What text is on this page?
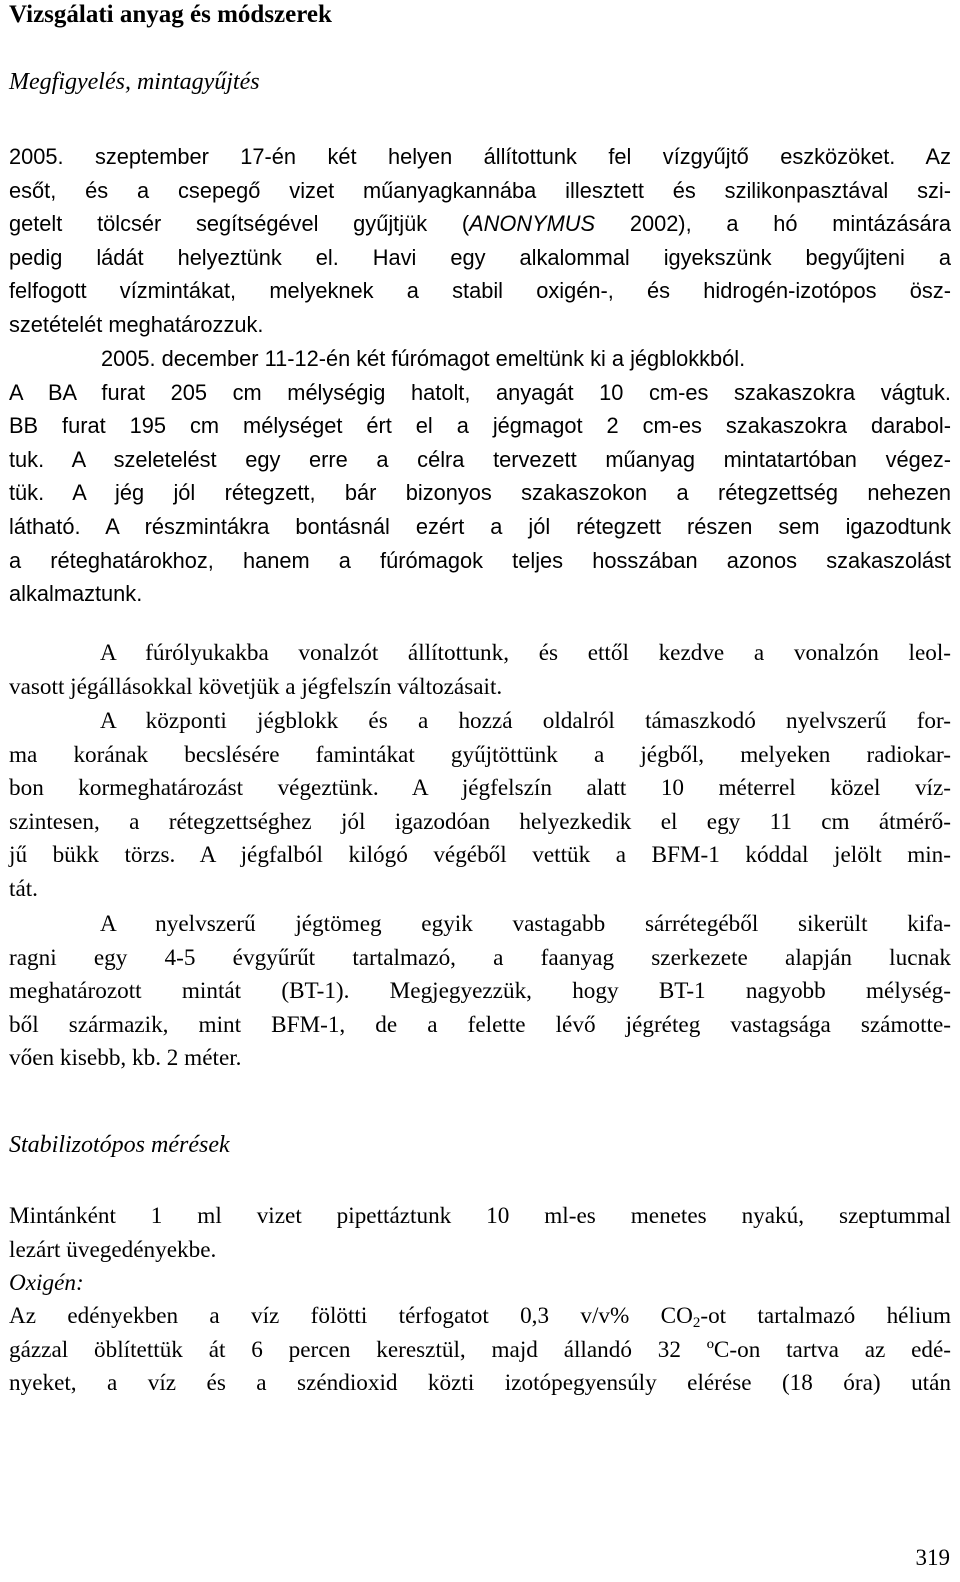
Vizsgálati anyag és módszerek
Megfigyelés, mintagyűjtés
2005. szeptember 17-én két helyen állítottunk fel vízgyűjtő eszközöket. Az
esőt, és a csepegő vizet műanyagkannába illesztett és szilikonpasztával szi-
getelt tölcsér segítségével gyűjtjük (ANONYMUS 2002), a hó mintázására
pedig ládát helyeztünk el. Havi egy alkalommal igyekszünk begyűjteni a
felfogott vízmintákat, melyeknek a stabil oxigén-, és hidrogén-izotópos ösz-
szetételét meghatározzuk.
2005. december 11-12-én két fúrómagot emeltünk ki a jégblokkból.
A BA furat 205 cm mélységig hatolt, anyagát 10 cm-es szakaszokra vágtuk.
BB furat 195 cm mélységet ért el a jégmagot 2 cm-es szakaszokra darabol-
tuk. A szeletelést egy erre a célra tervezett műanyag mintatartóban végez-
tük. A jég jól rétegzett, bár bizonyos szakaszokon a rétegzettség nehezen
látható. A részmintákra bontásnál ezért a jól rétegzett részen sem igazodtunk
a réteghatárokhoz, hanem a fúrómagok teljes hosszában azonos szakaszolást
alkalmaztunk.
A fúrólyukakba vonalzót állítottunk, és ettől kezdve a vonalzón leol-
vasott jégállásokkal követjük a jégfelszín változásait.
A központi jégblokk és a hozzá oldalról támaszkodó nyelvszerű for-
ma korának becslésére famintákat gyűjtöttünk a jégből, melyeken radiokar-
bon kormeghatározást végeztünk. A jégfelszín alatt 10 méterrel közel víz-
szintesen, a rétegzettséghez jól igazodóan helyezkedik el egy 11 cm átmérő-
jű bükk törzs. A jégfalból kilógó végéből vettük a BFM-1 kóddal jelölt min-
tát.
A nyelvszerű jégtömeg egyik vastagabb sárrétegéből sikerült kifa-
ragni egy 4-5 évgyűrűt tartalmazó, a faanyag szerkezete alapján lucnak
meghatározott mintát (BT-1). Megjegyezzük, hogy BT-1 nagyobb mélység-
ből származik, mint BFM-1, de a felette lévő jégréteg vastagsága számotte-
vően kisebb, kb. 2 méter.
Stabilizotópos mérések
Mintánként 1 ml vizet pipettáztunk 10 ml-es menetes nyakú, szeptummal
lezárt üvegedényekbe.
Oxigén:
Az edényekben a víz fölötti térfogatot 0,3 v/v% $CO_2-ot$ tartalmazó hélium
gázzal öblítettük át 6 percen keresztül, majd állandó 32 ºC-on tartva az edé-
nyeket, a víz és a széndioxid közti izotópegyensúly elérése (18 óra) után
319
